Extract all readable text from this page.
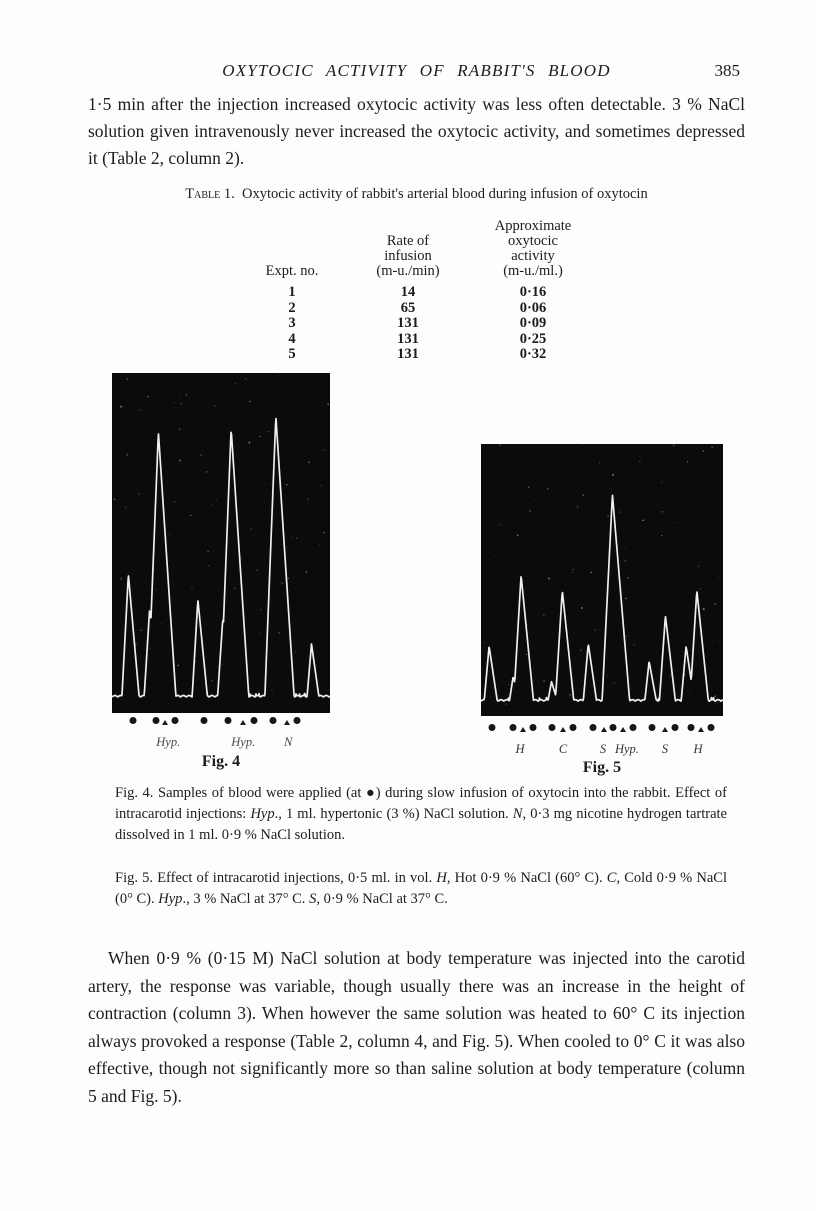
OXYTOCIC ACTIVITY OF RABBIT'S BLOOD	385

1·5 min after the injection increased oxytocic activity was less often detectable. 3 % NaCl solution given intravenously never increased the oxytocic activity, and sometimes depressed it (Table 2, column 2).

Table 1. Oxytocic activity of rabbit's arterial blood during infusion of oxytocin
Expt. no.
Rate of
infusion
(m-u./min)
Approximate
oxytocic
activity
(m-u./ml.)
1	14	0·16
2	65	0·06
3	131	0·09
4	131	0·25
5	131	0·32
Hyp.	Hyp. N
Fig. 4
H	C	S Hyp. S H
Fig. 5

Fig. 4. Samples of blood were applied (at ●) during slow infusion of oxytocin into the rabbit. Effect of intracarotid injections: Hyp., 1 ml. hypertonic (3 %) NaCl solution. N, 0·3 mg nicotine hydrogen tartrate dissolved in 1 ml. 0·9 % NaCl solution.

Fig. 5. Effect of intracarotid injections, 0·5 ml. in vol. H, Hot 0·9 % NaCl (60° C). C, Cold 0·9 % NaCl (0° C). Hyp., 3 % NaCl at 37° C. S, 0·9 % NaCl at 37° C.

When 0·9 % (0·15 M) NaCl solution at body temperature was injected into the carotid artery, the response was variable, though usually there was an increase in the height of contraction (column 3). When however the same solution was heated to 60° C its injection always provoked a response (Table 2, column 4, and Fig. 5). When cooled to 0° C it was also effective, though not significantly more so than saline solution at body temperature (column 5 and Fig. 5).
